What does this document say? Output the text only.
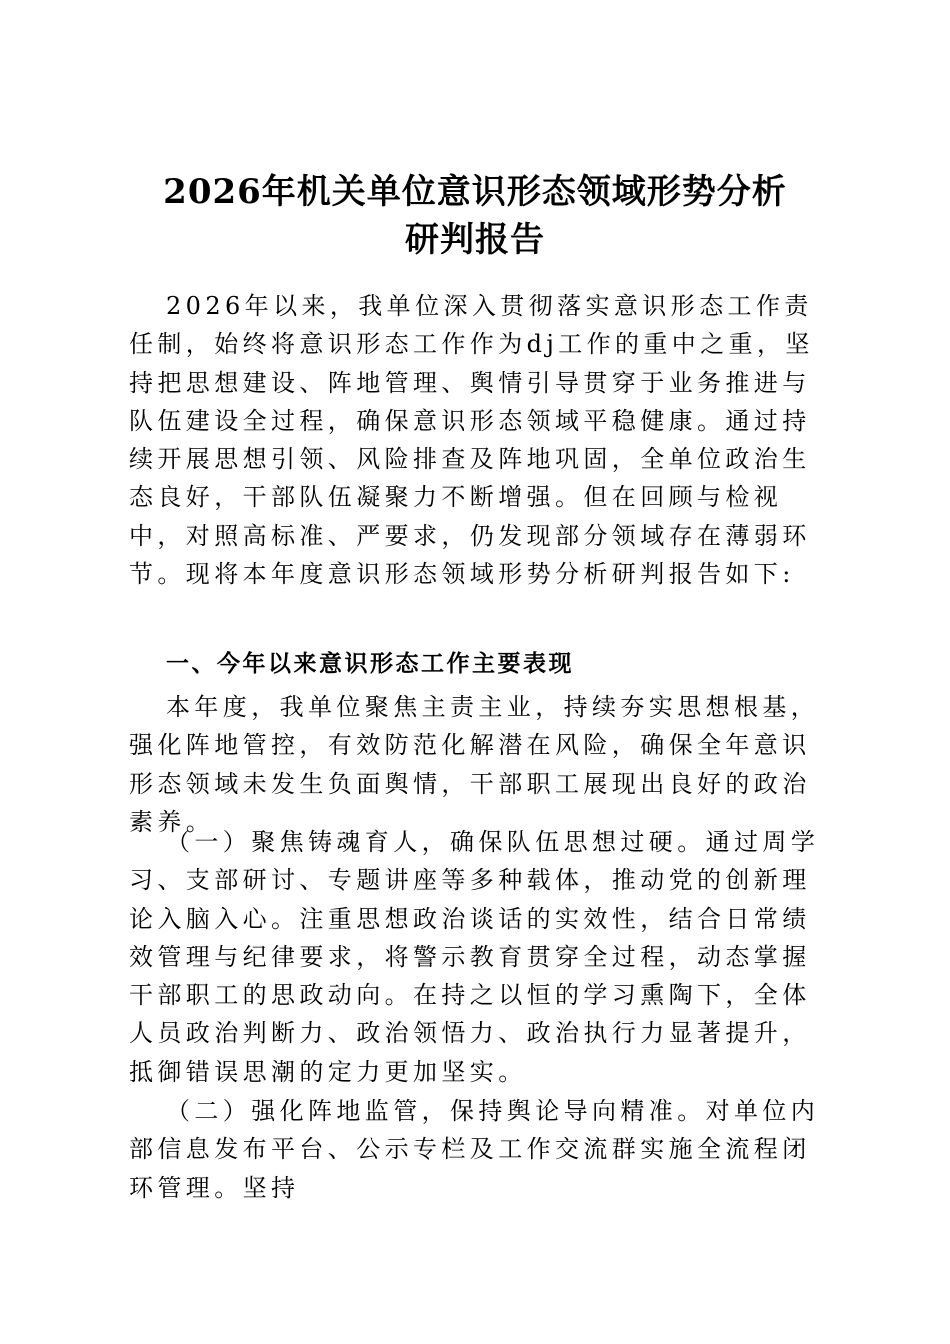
2026年机关单位意识形态领域形势分析
研判报告

2026年以来，我单位深入贯彻落实意识形态工作责任制，始终将意识形态工作作为dj工作的重中之重，坚持把思想建设、阵地管理、舆情引导贯穿于业务推进与队伍建设全过程，确保意识形态领域平稳健康。通过持续开展思想引领、风险排查及阵地巩固，全单位政治生态良好，干部队伍凝聚力不断增强。但在回顾与检视中，对照高标准、严要求，仍发现部分领域存在薄弱环节。现将本年度意识形态领域形势分析研判报告如下:

一、今年以来意识形态工作主要表现

本年度，我单位聚焦主责主业，持续夯实思想根基，强化阵地管控，有效防范化解潜在风险，确保全年意识形态领域未发生负面舆情，干部职工展现出良好的政治素养。

（一）聚焦铸魂育人，确保队伍思想过硬。通过周学习、支部研讨、专题讲座等多种载体，推动党的创新理论入脑入心。注重思想政治谈话的实效性，结合日常绩效管理与纪律要求，将警示教育贯穿全过程，动态掌握干部职工的思政动向。在持之以恒的学习熏陶下，全体人员政治判断力、政治领悟力、政治执行力显著提升，抵御错误思潮的定力更加坚实。

（二）强化阵地监管，保持舆论导向精准。对单位内部信息发布平台、公示专栏及工作交流群实施全流程闭环管理。坚持
